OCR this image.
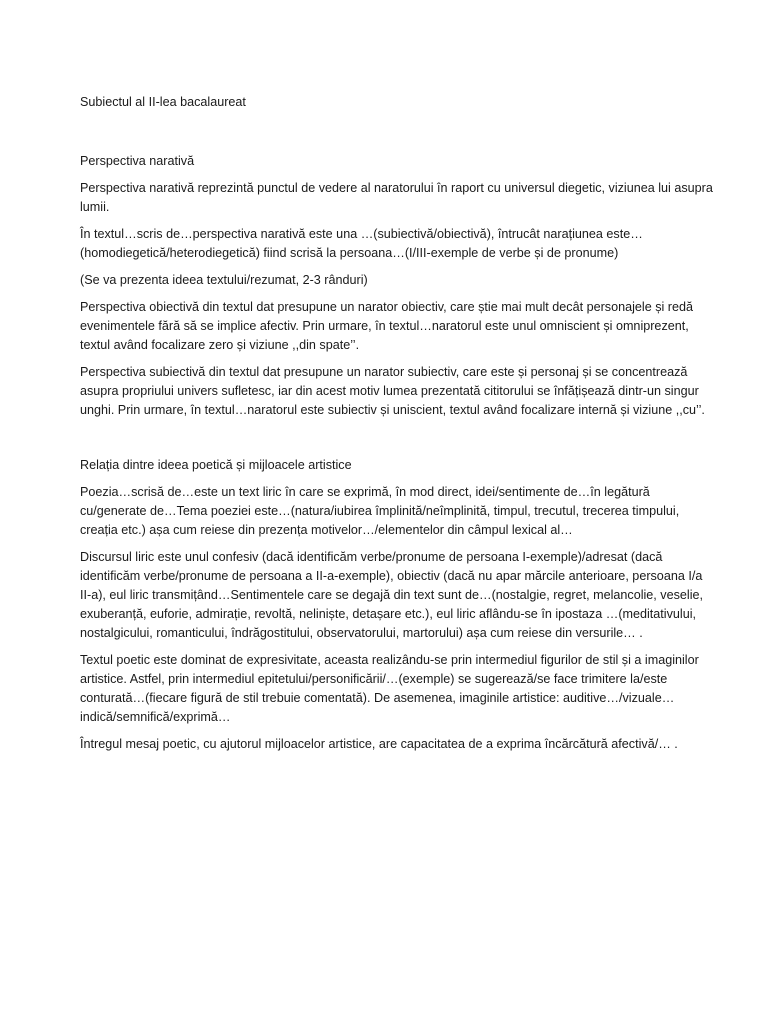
Subiectul al II-lea bacalaureat

Perspectiva narativă

Perspectiva narativă reprezintă punctul de vedere al naratorului în raport cu universul diegetic, viziunea lui asupra lumii.

În textul…scris de…perspectiva narativă este una …(subiectivă/obiectivă), întrucât narațiunea este…(homodiegetică/heterodiegetică) fiind scrisă la persoana…(I/III-exemple de verbe și de pronume)

(Se va prezenta ideea textului/rezumat, 2-3 rânduri)

Perspectiva obiectivă din textul dat presupune un narator obiectiv, care știe mai mult decât personajele și redă evenimentele fără să se implice afectiv. Prin urmare, în textul…naratorul este unul omniscient și omniprezent, textul având focalizare zero și viziune ,,din spate’’.

Perspectiva subiectivă din textul dat presupune un narator subiectiv, care este și personaj și se concentrează asupra propriului univers sufletesc, iar din acest motiv lumea prezentată cititorului se înfățișează dintr-un singur unghi. Prin urmare, în textul…naratorul este subiectiv și uniscient, textul având focalizare internă și viziune ,,cu’’.

Relația dintre ideea poetică și mijloacele artistice

Poezia…scrisă de…este un text liric în care se exprimă, în mod direct, idei/sentimente de…în legătură cu/generate de…Tema poeziei este…(natura/iubirea împlinită/neîmplinită, timpul, trecutul, trecerea timpului, creația etc.) așa cum reiese din prezența motivelor…/elementelor din câmpul lexical al…

Discursul liric este unul confesiv (dacă identificăm verbe/pronume de persoana I-exemple)/adresat (dacă identificăm verbe/pronume de persoana a II-a-exemple), obiectiv (dacă nu apar mărcile anterioare, persoana I/a II-a), eul liric transmițând…Sentimentele care se degajă din text sunt de…(nostalgie, regret, melancolie, veselie, exuberanță, euforie, admirație, revoltă, neliniște, detașare etc.), eul liric aflându-se în ipostaza …(meditativului, nostalgicului, romanticului, îndrăgostitului, observatorului, martorului) așa cum reiese din versurile… .

Textul poetic este dominat de expresivitate, aceasta realizându-se prin intermediul figurilor de stil și a imaginilor artistice. Astfel, prin intermediul epitetului/personificării/…(exemple) se sugerează/se face trimitere la/este conturată…(fiecare figură de stil trebuie comentată). De asemenea, imaginile artistice: auditive…/vizuale…indică/semnifică/exprimă…

Întregul mesaj poetic, cu ajutorul mijloacelor artistice, are capacitatea de a exprima încărcătură afectivă/… .
